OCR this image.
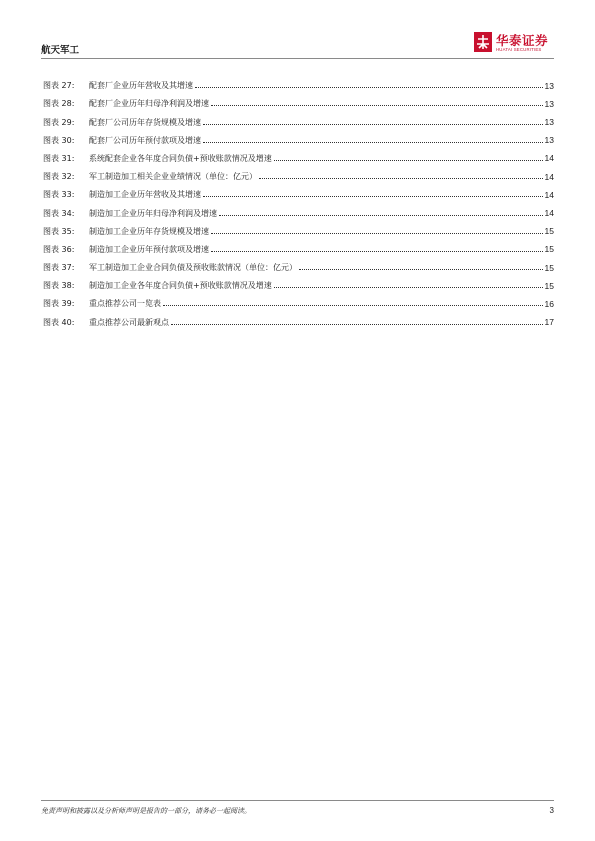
航天军工
华泰证券
HUATAI SECURITIES
图表 27:	配套厂企业历年营收及其增速	13
图表 28:	配套厂企业历年归母净利润及增速	13
图表 29:	配套厂公司历年存货规模及增速	13
图表 30:	配套厂公司历年预付款项及增速	13
图表 31:	系统配套企业各年度合同负债+预收账款情况及增速	14
图表 32:	军工制造加工相关企业业绩情况（单位：亿元）	14
图表 33:	制造加工企业历年营收及其增速	14
图表 34:	制造加工企业历年归母净利润及增速	14
图表 35:	制造加工企业历年存货规模及增速	15
图表 36:	制造加工企业历年预付款项及增速	15
图表 37:	军工制造加工企业合同负债及预收账款情况（单位：亿元）	15
图表 38:	制造加工企业各年度合同负债+预收账款情况及增速	15
图表 39:	重点推荐公司一览表	16
图表 40:	重点推荐公司最新观点	17
免责声明和披露以及分析师声明是报告的一部分，请务必一起阅读。	3
